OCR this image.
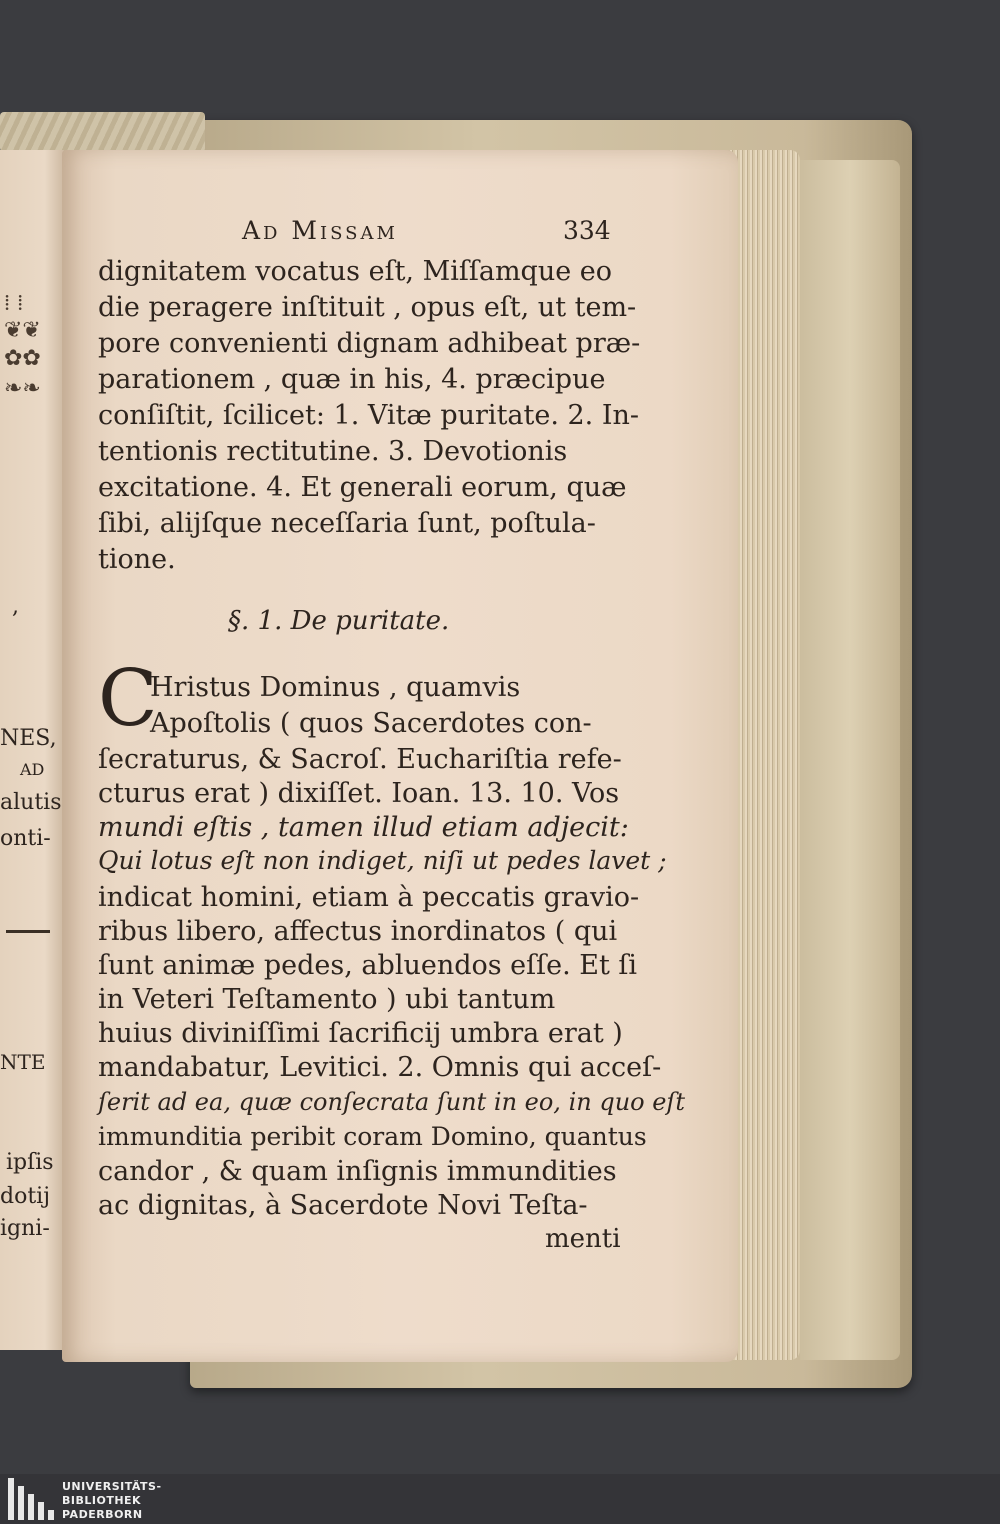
⁞ ⁞
❦❦
✿✿
❧❧
,
NES,
AD
alutis
onti-
NTE
ipſis
dotij
igni-
Ad Missam	334
dignitatem vocatus eſt, Miſſamque eo
die peragere inſtituit , opus eſt, ut tem-
pore convenienti dignam adhibeat præ-
parationem , quæ in his, 4. præcipue
conſiſtit, ſcilicet: 1. Vitæ puritate. 2. In-
tentionis rectitutine. 3. Devotionis
excitatione. 4. Et generali eorum, quæ
ſibi, alijſque neceſſaria ſunt, poſtula-
tione.
§. 1. De puritate.
C
Hristus Dominus , quamvis
Apoſtolis ( quos Sacerdotes con-
ſecraturus, & Sacroſ. Euchariſtia refe-
cturus erat ) dixiſſet. Ioan. 13. 10. Vos
mundi eſtis , tamen illud etiam adjecit:
Qui lotus eſt non indiget, niſi ut pedes lavet ;
indicat homini, etiam à peccatis gravio-
ribus libero, affectus inordinatos ( qui
ſunt animæ pedes, abluendos eſſe. Et ſi
in Veteri Teſtamento ) ubi tantum
huius diviniſſimi ſacrificij umbra erat )
mandabatur, Levitici. 2. Omnis qui acceſ-
ſerit ad ea, quæ conſecrata ſunt in eo, in quo eſt
immunditia peribit coram Domino, quantus
candor , & quam inſignis immundities
ac dignitas, à Sacerdote Novi Teſta-
menti
UNIVERSITÄTS-
BIBLIOTHEK
PADERBORN
